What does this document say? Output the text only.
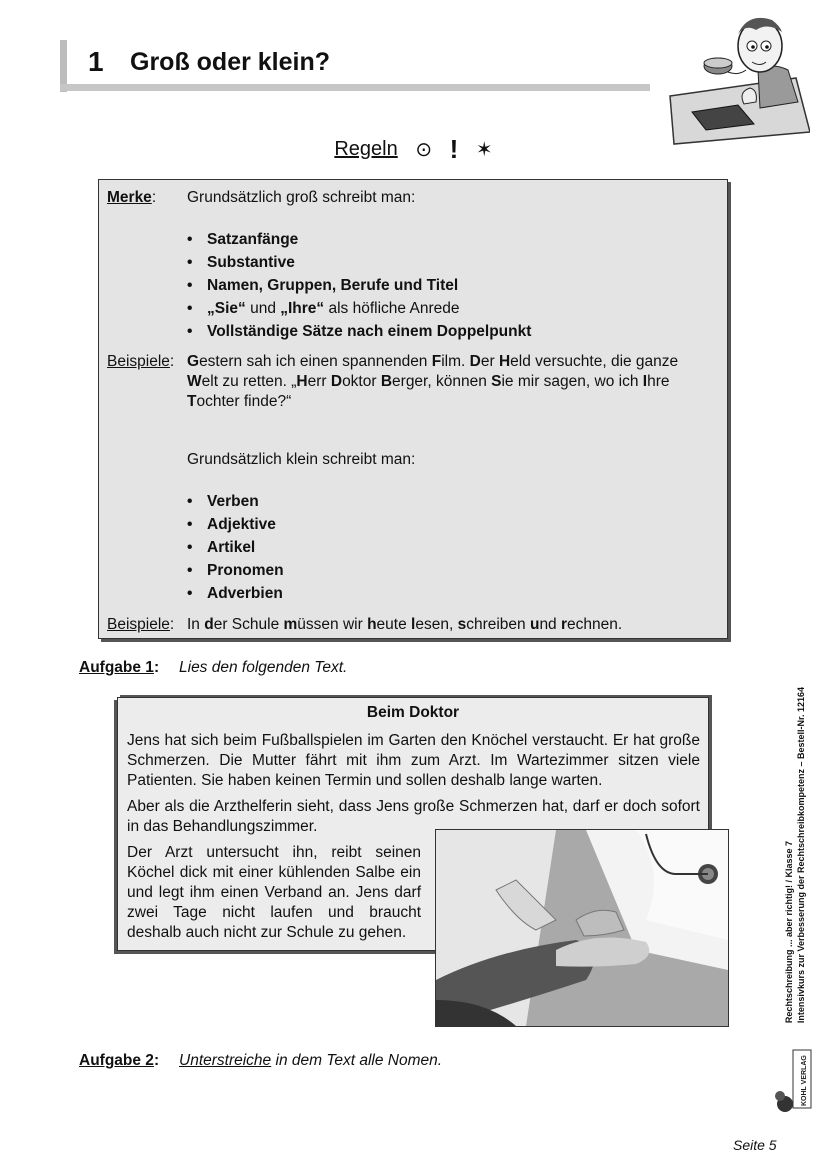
1 Groß oder klein?
Regeln ⊙ ! ✶
Merke: Grundsätzlich groß schreibt man:
• Satzanfänge
• Substantive
• Namen, Gruppen, Berufe und Titel
• „Sie“ und „Ihre“ als höfliche Anrede
• Vollständige Sätze nach einem Doppelpunkt
Beispiele: Gestern sah ich einen spannenden Film. Der Held versuchte, die ganze Welt zu retten. „Herr Doktor Berger, können Sie mir sagen, wo ich Ihre Tochter finde?“
Grundsätzlich klein schreibt man:
• Verben
• Adjektive
• Artikel
• Pronomen
• Adverbien
Beispiele: In der Schule müssen wir heute lesen, schreiben und rechnen.
Aufgabe 1: Lies den folgenden Text.
Beim Doktor

Jens hat sich beim Fußballspielen im Garten den Knöchel verstaucht. Er hat große Schmerzen. Die Mutter fährt mit ihm zum Arzt. Im Wartezimmer sitzen viele Patienten. Sie haben keinen Termin und sollen deshalb lange warten.

Aber als die Arzthelferin sieht, dass Jens große Schmerzen hat, darf er doch sofort in das Behandlungszimmer.

Der Arzt untersucht ihn, reibt seinen Köchel dick mit einer kühlenden Salbe ein und legt ihm einen Verband an. Jens darf zwei Tage nicht laufen und braucht deshalb auch nicht zur Schule zu gehen.

Aufgabe 2: Unterstreiche in dem Text alle Nomen.
Rechtschreibung ... aber richtig! / Klasse 7 Intensivkurs zur Verbesserung der Rechtschreibkompetenz – Bestell-Nr. 12164
KOHL VERLAG
Seite 5
